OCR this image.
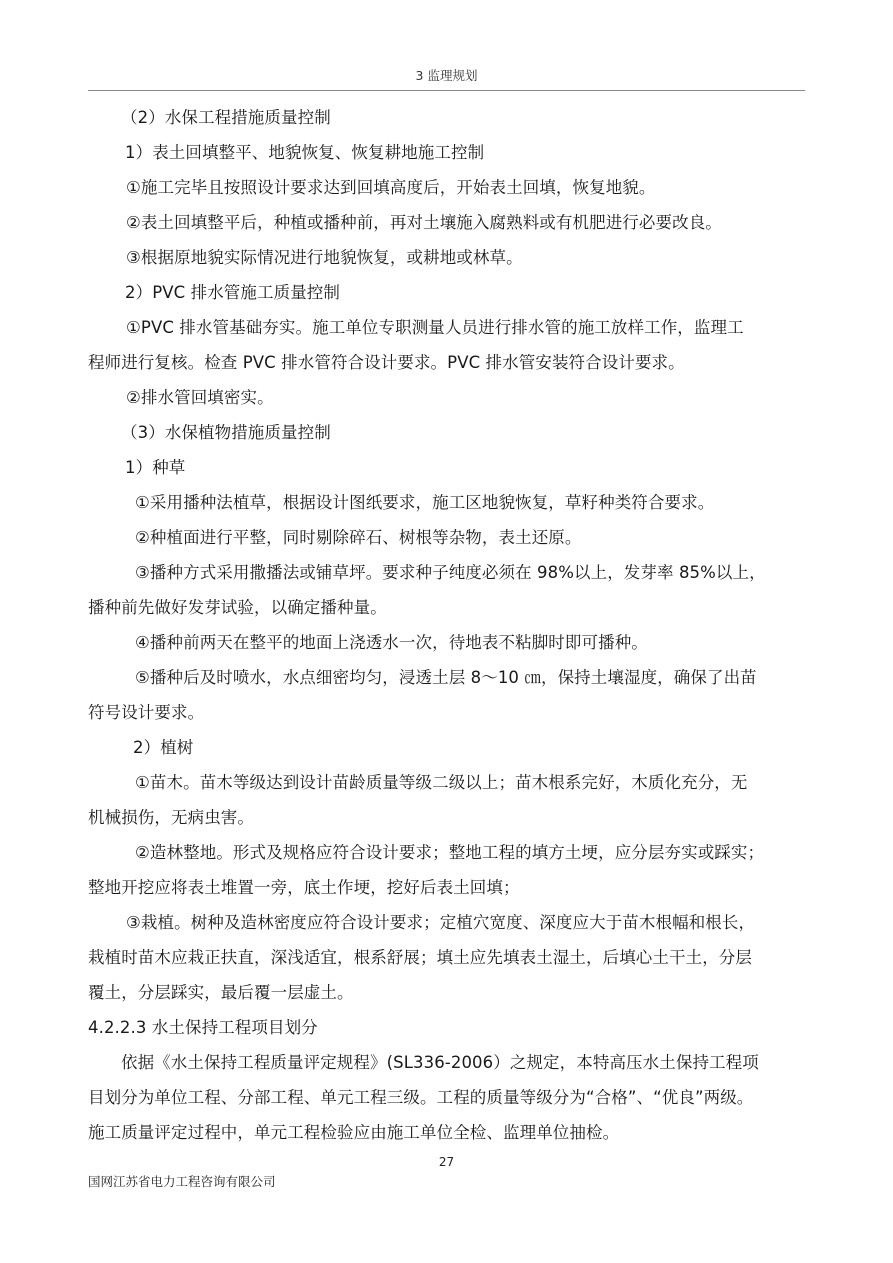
3 监理规划
（2）水保工程措施质量控制
1）表土回填整平、地貌恢复、恢复耕地施工控制
①施工完毕且按照设计要求达到回填高度后，开始表土回填，恢复地貌。
②表土回填整平后，种植或播种前，再对土壤施入腐熟料或有机肥进行必要改良。
③根据原地貌实际情况进行地貌恢复，或耕地或林草。
2）PVC 排水管施工质量控制
①PVC 排水管基础夯实。施工单位专职测量人员进行排水管的施工放样工作，监理工
程师进行复核。检查 PVC 排水管符合设计要求。PVC 排水管安装符合设计要求。
②排水管回填密实。
（3）水保植物措施质量控制
1）种草
①采用播种法植草，根据设计图纸要求，施工区地貌恢复，草籽种类符合要求。
②种植面进行平整，同时剔除碎石、树根等杂物，表土还原。
③播种方式采用撒播法或铺草坪。要求种子纯度必须在 98%以上，发芽率 85%以上，
播种前先做好发芽试验，以确定播种量。
④播种前两天在整平的地面上浇透水一次，待地表不粘脚时即可播种。
⑤播种后及时喷水，水点细密均匀，浸透土层 8～10 ㎝，保持土壤湿度，确保了出苗
符号设计要求。
2）植树
①苗木。苗木等级达到设计苗龄质量等级二级以上；苗木根系完好，木质化充分，无
机械损伤，无病虫害。
②造林整地。形式及规格应符合设计要求；整地工程的填方土埂，应分层夯实或踩实；
整地开挖应将表土堆置一旁，底土作埂，挖好后表土回填；
③栽植。树种及造林密度应符合设计要求；定植穴宽度、深度应大于苗木根幅和根长，
栽植时苗木应栽正扶直，深浅适宜，根系舒展；填土应先填表土湿土，后填心土干土，分层
覆土，分层踩实，最后覆一层虚土。
4.2.2.3 水土保持工程项目划分
依据《水土保持工程质量评定规程》(SL336-2006）之规定，本特高压水土保持工程项
目划分为单位工程、分部工程、单元工程三级。工程的质量等级分为“合格”、“优良”两级。
施工质量评定过程中，单元工程检验应由施工单位全检、监理单位抽检。
27
国网江苏省电力工程咨询有限公司
